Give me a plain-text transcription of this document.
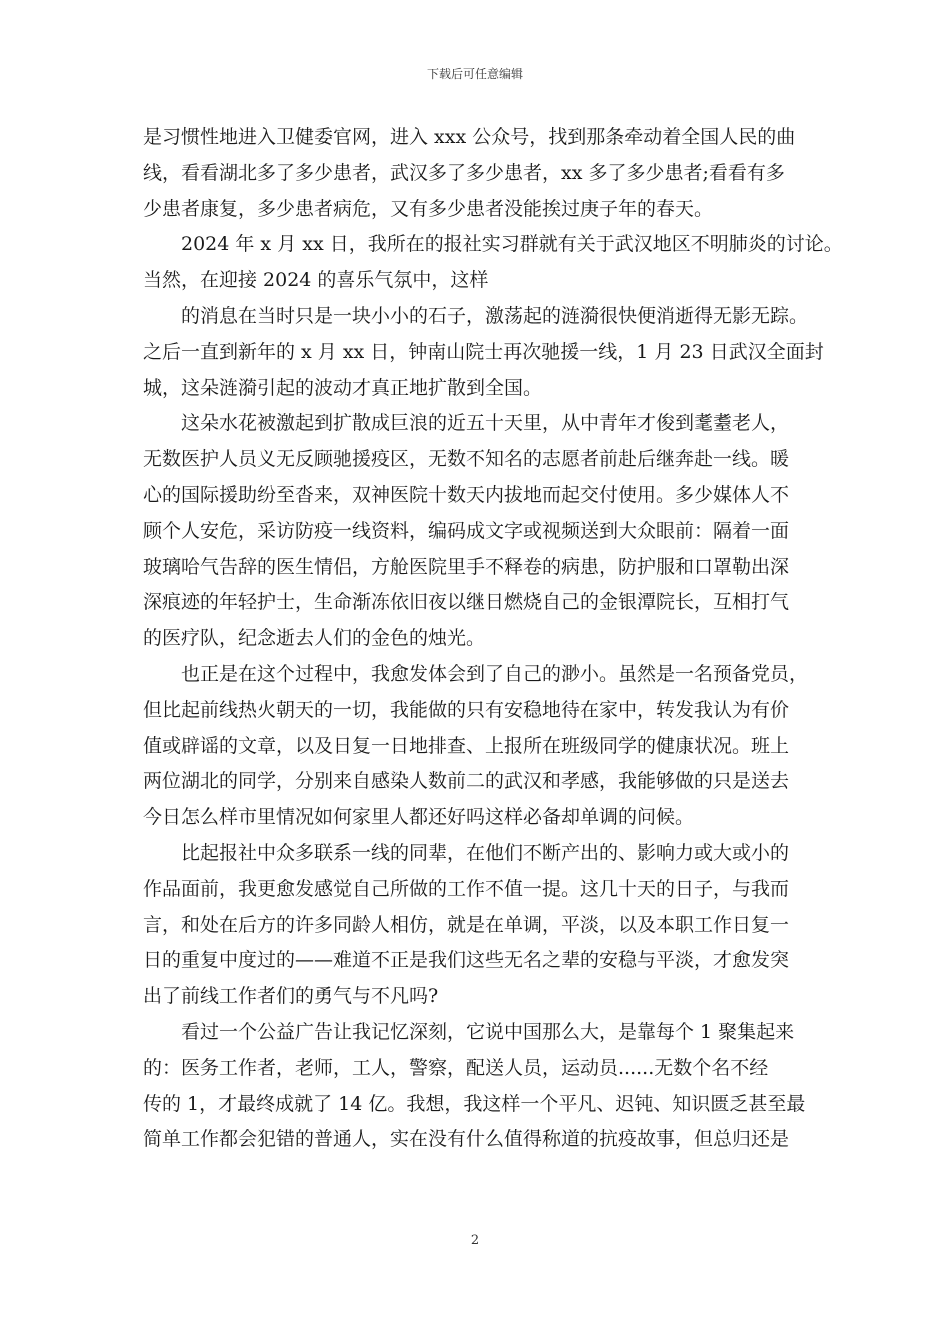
下载后可任意编辑
是习惯性地进入卫健委官网，进入 xxx 公众号，找到那条牵动着全国人民的曲
线，看看湖北多了多少患者，武汉多了多少患者，xx 多了多少患者;看看有多
少患者康复，多少患者病危，又有多少患者没能挨过庚子年的春天。
2024 年 x 月 xx 日，我所在的报社实习群就有关于武汉地区不明肺炎的讨论。
当然，在迎接 2024 的喜乐气氛中，这样
的消息在当时只是一块小小的石子，激荡起的涟漪很快便消逝得无影无踪。
之后一直到新年的 x 月 xx 日，钟南山院士再次驰援一线，1 月 23 日武汉全面封
城，这朵涟漪引起的波动才真正地扩散到全国。
这朵水花被激起到扩散成巨浪的近五十天里，从中青年才俊到耄耋老人，
无数医护人员义无反顾驰援疫区，无数不知名的志愿者前赴后继奔赴一线。暖
心的国际援助纷至沓来，双神医院十数天内拔地而起交付使用。多少媒体人不
顾个人安危，采访防疫一线资料，编码成文字或视频送到大众眼前：隔着一面
玻璃哈气告辞的医生情侣，方舱医院里手不释卷的病患，防护服和口罩勒出深
深痕迹的年轻护士，生命渐冻依旧夜以继日燃烧自己的金银潭院长，互相打气
的医疗队，纪念逝去人们的金色的烛光。
也正是在这个过程中，我愈发体会到了自己的渺小。虽然是一名预备党员，
但比起前线热火朝天的一切，我能做的只有安稳地待在家中，转发我认为有价
值或辟谣的文章，以及日复一日地排查、上报所在班级同学的健康状况。班上
两位湖北的同学，分别来自感染人数前二的武汉和孝感，我能够做的只是送去
今日怎么样市里情况如何家里人都还好吗这样必备却单调的问候。
比起报社中众多联系一线的同辈，在他们不断产出的、影响力或大或小的
作品面前，我更愈发感觉自己所做的工作不值一提。这几十天的日子，与我而
言，和处在后方的许多同龄人相仿，就是在单调，平淡，以及本职工作日复一
日的重复中度过的——难道不正是我们这些无名之辈的安稳与平淡，才愈发突
出了前线工作者们的勇气与不凡吗?
看过一个公益广告让我记忆深刻，它说中国那么大，是靠每个 1 聚集起来
的：医务工作者，老师，工人，警察，配送人员，运动员......无数个名不经
传的 1，才最终成就了 14 亿。我想，我这样一个平凡、迟钝、知识匮乏甚至最
简单工作都会犯错的普通人，实在没有什么值得称道的抗疫故事，但总归还是
2
